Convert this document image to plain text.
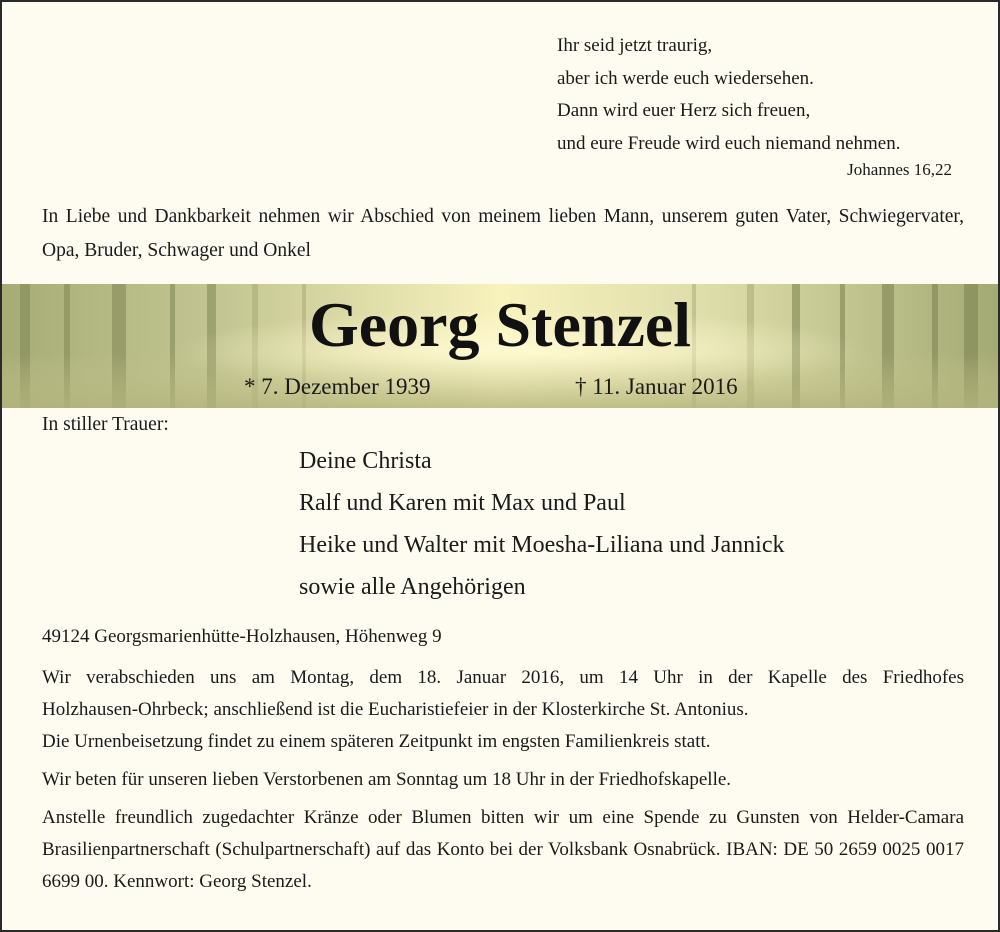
Ihr seid jetzt traurig,
aber ich werde euch wiedersehen.
Dann wird euer Herz sich freuen,
und eure Freude wird euch niemand nehmen.
Johannes 16,22
In Liebe und Dankbarkeit nehmen wir Abschied von meinem lieben Mann, unserem guten Vater, Schwiegervater, Opa, Bruder, Schwager und Onkel
Georg Stenzel
* 7. Dezember 1939	† 11. Januar 2016
In stiller Trauer:
Deine Christa
Ralf und Karen mit Max und Paul
Heike und Walter mit Moesha-Liliana und Jannick
sowie alle Angehörigen
49124 Georgsmarienhütte-Holzhausen, Höhenweg 9
Wir verabschieden uns am Montag, dem 18. Januar 2016, um 14 Uhr in der Kapelle des Friedhofes
Holzhausen-Ohrbeck; anschließend ist die Eucharistiefeier in der Klosterkirche St. Antonius.
Die Urnenbeisetzung findet zu einem späteren Zeitpunkt im engsten Familienkreis statt.
Wir beten für unseren lieben Verstorbenen am Sonntag um 18 Uhr in der Friedhofskapelle.
Anstelle freundlich zugedachter Kränze oder Blumen bitten wir um eine Spende zu Gunsten von Helder-Camara Brasilienpartnerschaft (Schulpartnerschaft) auf das Konto bei der Volksbank Osnabrück. IBAN: DE 50 2659 0025 0017 6699 00. Kennwort: Georg Stenzel.
